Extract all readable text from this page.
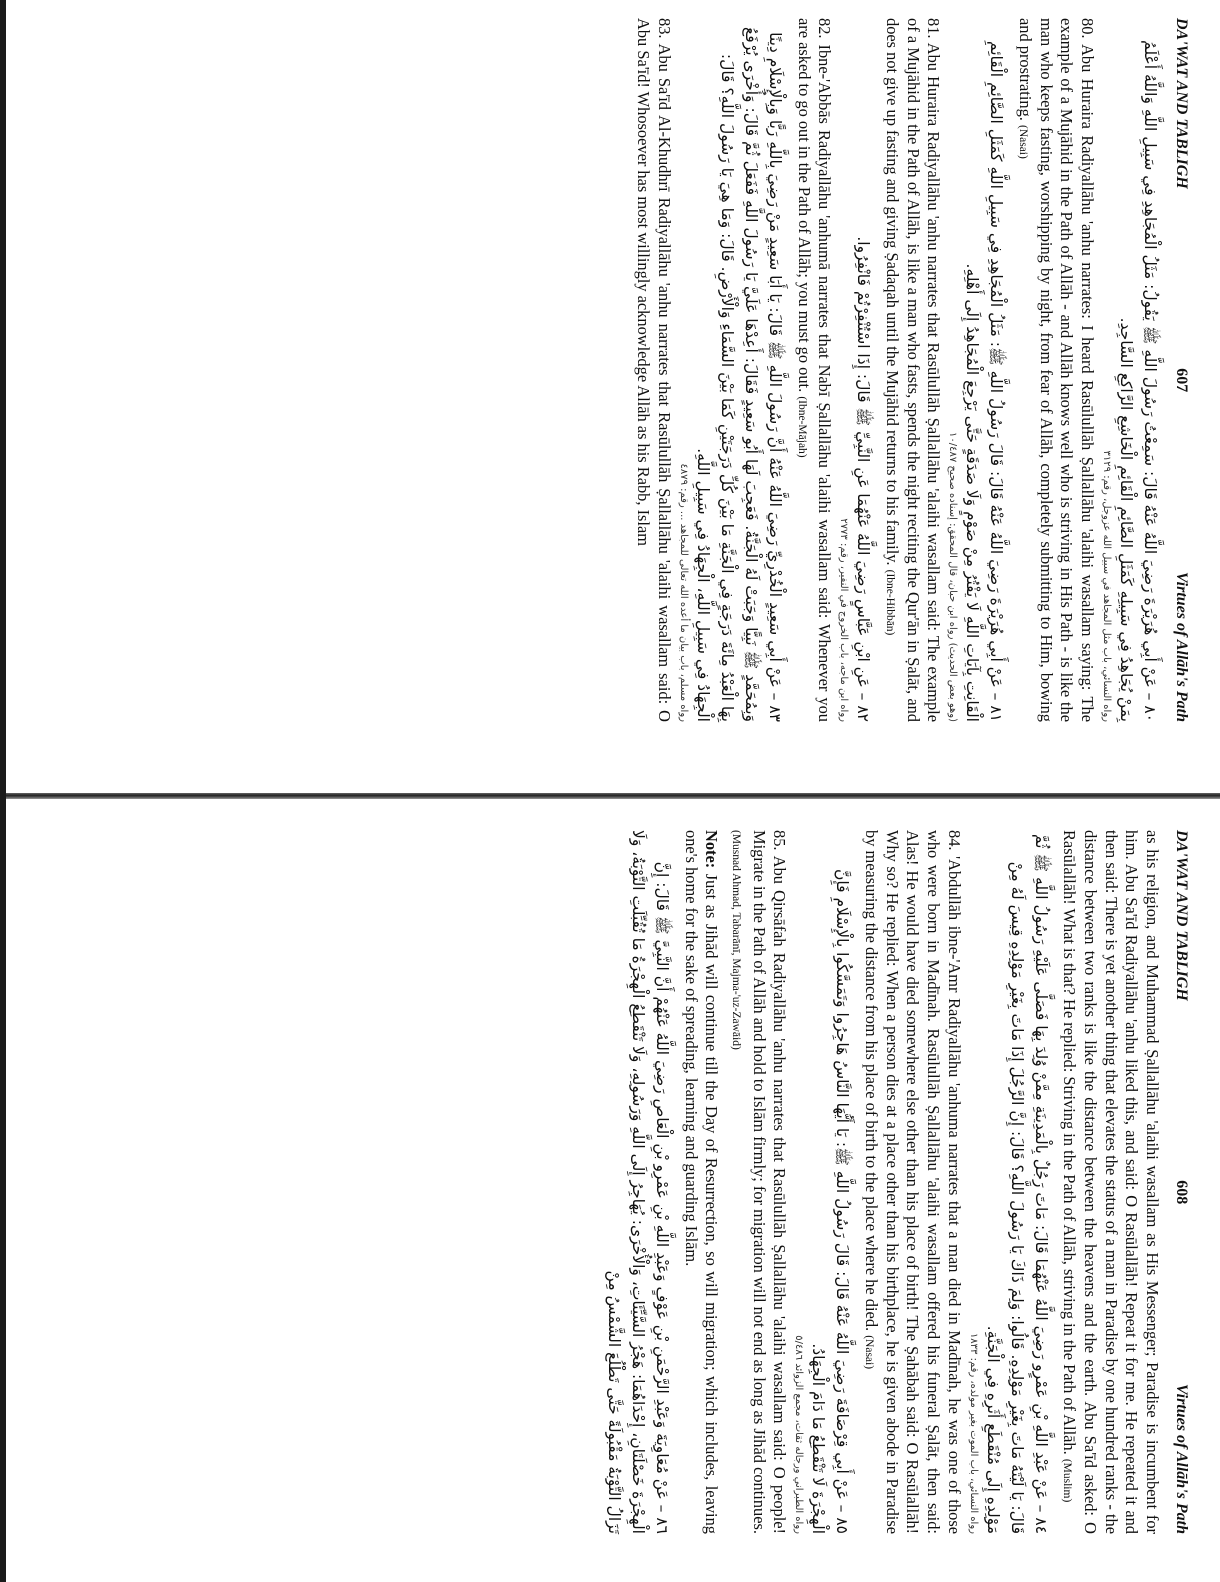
DA'WAT AND TABLIGH
607
Virtues of Allāh's Path
٨٠ – عَنْ أَبِي هُرَيْرَةَ رَضِيَ اللَّهُ عَنْهُ قَالَ: سَمِعْتُ رَسُولَ اللَّهِ ﷺ يَقُولُ: مَثَلُ الْمُجَاهِدِ فِي سَبِيلِ اللَّهِ وَاللَّهُ أَعْلَمُ بِمَنْ يُجَاهِدُ فِي سَبِيلِهِ كَمَثَلِ الصَّائِمِ الْقَائِمِ الْخَاشِعِ الرَّاكِعِ السَّاجِدِ.
رواه النسائي، باب مثل المجاهد في سبيل الله عزوجل، رقم: ٣١٢٩

80. Abu Huraira Radiyallāhu 'anhu narrates: I heard Rasūlullāh Ṣallallāhu 'alaihi wasallam saying: The example of a Mujāhid in the Path of Allāh - and Allāh knows well who is striving in His Path - is like the man who keeps fasting, worshipping by night, from fear of Allāh, completely submitting to Him, bowing and prostrating. (Nasai)

٨١ – عَنْ أَبِي هُرَيْرَةَ رَضِيَ اللَّهُ عَنْهُ قَالَ: قَالَ رَسُولُ اللَّهِ ﷺ: مَثَلُ الْمُجَاهِدِ فِي سَبِيلِ اللَّهِ كَمَثَلِ الصَّائِمِ الْقَائِمِ الْقَانِتِ بِآيَاتِ اللَّهِ لَا يَفْتُرُ مِنْ صَوْمٍ وَلَا صَدَقَةٍ حَتَّى يَرْجِعَ الْمُجَاهِدُ إِلَى أَهْلِهِ.
(وهو بعض الحديث) رواه ابن حبان، قال المحقق: إسناده صحيح ١٠/٤٨٧

81. Abu Huraira Radiyallāhu 'anhu narrates that Rasūlullāh Ṣallallāhu 'alaihi wasallam said: The example of a Mujāhid in the Path of Allāh, is like a man who fasts, spends the night reciting the Qur'ān in Ṣalāt, and does not give up fasting and giving Ṣadaqah until the Mujāhid returns to his family. (Ibne-Hibbān)

٨٢ – عَنِ ابْنِ عَبَّاسٍ رَضِيَ اللَّهُ عَنْهُمَا عَنِ النَّبِيِّ ﷺ قَالَ: إِذَا اسْتُنْفِرْتُمْ فَانْفِرُوا.
رواه ابن ماجه، باب الخروج في النفير، رقم: ٢٧٧٣

82. Ibne-'Abbās Radiyallāhu 'anhumā narrates that Nabī Ṣallallāhu 'alaihi wasallam said: Whenever you are asked to go out in the Path of Allāh; you must go out. (Ibne-Mājah)

٨٣ – عَنْ أَبِي سَعِيدٍ الْخُدْرِيِّ رَضِيَ اللَّهُ عَنْهُ أَنَّ رَسُولَ اللَّهِ ﷺ قَالَ: يَا أَبَا سَعِيدٍ مَنْ رَضِيَ بِاللَّهِ رَبًّا وَبِالْإِسْلَامِ دِينًا وَبِمُحَمَّدٍ ﷺ نَبِيًّا وَجَبَتْ لَهُ الْجَنَّةُ. فَعَجِبَ لَهَا أَبُو سَعِيدٍ فَقَالَ: أَعِدْهَا عَلَيَّ يَا رَسُولَ اللَّهِ فَفَعَلَ ثُمَّ قَالَ: وَأُخْرَى يُرْفَعُ بِهَا الْعَبْدُ مِائَةَ دَرَجَةٍ فِي الْجَنَّةِ مَا بَيْنَ كُلِّ دَرَجَتَيْنِ كَمَا بَيْنَ السَّمَاءِ وَالْأَرْضِ. قَالَ: وَمَا هِيَ يَا رَسُولَ اللَّهِ؟ قَالَ: الْجِهَادُ فِي سَبِيلِ اللَّهِ، الْجِهَادُ فِي سَبِيلِ اللَّهِ.
رواه مسلم، باب بيان ما أعده الله تعالى للمجاهد ... رقم: ٤٨٧٩

83. Abu Sa'īd Al-Khudhrī Radiyallāhu 'anhu narrates that Rasūlullāh Ṣallallāhu 'alaihi wasallam said: O Abu Sa'īd! Whosoever has most willingly acknowledge Allāh as his Rabb, Islam

DA'WAT AND TABLIGH
608
Virtues of Allāh's Path

as his religion, and Muhammad Ṣallallāhu 'alaihi wasallam as His Messenger; Paradise is incumbent for him. Abu Sa'īd Radiyallāhu 'anhu liked this, and said: O Rasūlallāh! Repeat it for me. He repeated it and then said: There is yet another thing that elevates the status of a man in Paradise by one hundred ranks - the distance between two ranks is like the distance between the heavens and the earth. Abu Sa'īd asked: O Rasūlallāh! What is that? He replied: Striving in the Path of Allāh, striving in the Path of Allāh. (Muslim)

٨٤ – عَنْ عَبْدِ اللَّهِ بْنِ عَمْرٍو رَضِيَ اللَّهُ عَنْهُمَا قَالَ: مَاتَ رَجُلٌ بِالْمَدِينَةِ مِمَّنْ وُلِدَ بِهَا فَصَلَّى عَلَيْهِ رَسُولُ اللَّهِ ﷺ ثُمَّ قَالَ: يَا لَيْتَهُ مَاتَ بِغَيْرِ مَوْلِدِهِ. قَالُوا: وَلِمَ ذَاكَ يَا رَسُولَ اللَّهِ؟ قَالَ: إِنَّ الرَّجُلَ إِذَا مَاتَ بِغَيْرِ مَوْلِدِهِ قِيسَ لَهُ مِنْ مَوْلِدِهِ إِلَى مُنْقَطَعِ أَثَرِهِ فِي الْجَنَّةِ.
رواه النسائي، باب الموت بغير مولده، رقم: ١٨٣٣

84. 'Abdullāh ibne-'Amr Radiyallāhu 'anhuma narrates that a man died in Madīnah, he was one of those who were born in Madīnah. Rasūlullāh Ṣallallāhu 'alaihi wasallam offered his funeral Ṣalāt, then said: Alas! He would have died somewhere else other than his place of birth! The Ṣahābah said: O Rasūlallāh! Why so? He replied: When a person dies at a place other than his birthplace, he is given abode in Paradise by measuring the distance from his place of birth to the place where he died. (Nasai)

٨٥ – عَنْ أَبِي قِرْصَافَةَ رَضِيَ اللَّهُ عَنْهُ قَالَ: قَالَ رَسُولُ اللَّهِ ﷺ: يَا أَيُّهَا النَّاسُ هَاجِرُوا وَتَمَسَّكُوا بِالْإِسْلَامِ فَإِنَّ الْهِجْرَةَ لَا تَنْقَطِعُ مَا دَامَ الْجِهَادُ.
رواه الطبراني ورجاله ثقات، مجمع الزوائد ٥/٤٨٦

85. Abu Qirsāfah Radiyallāhu 'anhu narrates that Rasūlullāh Ṣallallāhu 'alaihi wasallam said: O people! Migrate in the Path of Allāh and hold to Islām firmly; for migration will not end as long as Jihād continues. (Musnad Ahmad, Tabarānī, Majma-'uz-Zawāid)

Note: Just as Jihād will continue till the Day of Resurrection, so will migration; which includes, leaving one's home for the sake of spreading, learning and guarding Islām.

٨٦ – عَنْ مُعَاوِيَةَ وَعَبْدِ الرَّحْمَنِ بْنِ عَوْفٍ وَعَبْدِ اللَّهِ بْنِ عَمْرِو بْنِ الْعَاصِ رَضِيَ اللَّهُ عَنْهُمْ أَنَّ النَّبِيَّ ﷺ قَالَ: إِنَّ الْهِجْرَةَ خَصْلَتَانِ، إِحْدَاهُمَا: هَجْرُ السَّيِّئَاتِ، وَالْأُخْرَى: يُهَاجِرُ إِلَى اللَّهِ وَرَسُولِهِ، وَلَا تَنْقَطِعُ الْهِجْرَةُ مَا تُقُبِّلَتِ التَّوْبَةُ، وَلَا تَزَالُ التَّوْبَةُ مَقْبُولَةً حَتَّى تَطْلُعَ الشَّمْسُ مِنْ
